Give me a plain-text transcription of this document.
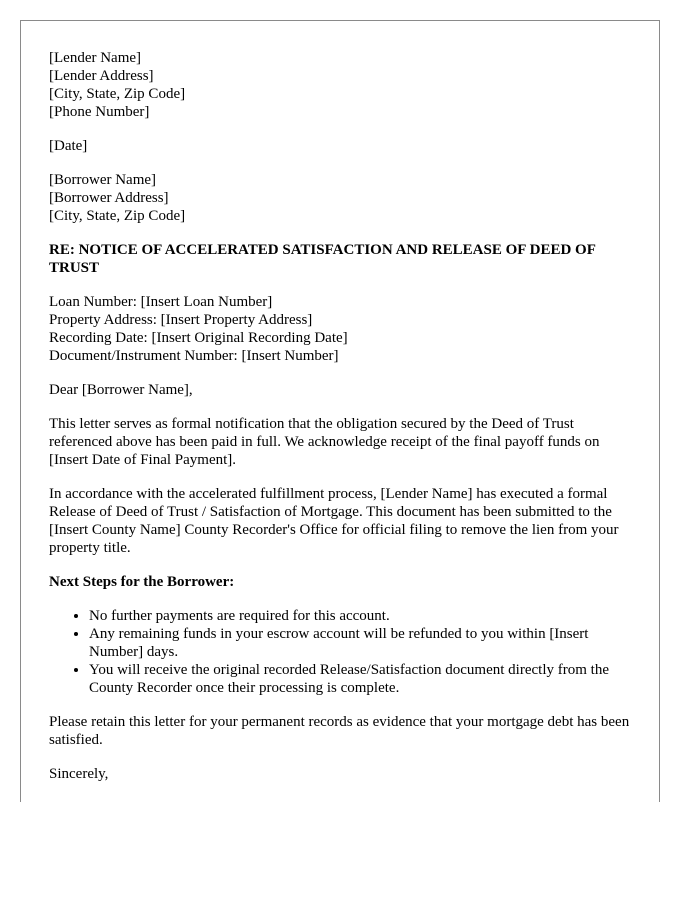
[Lender Name]
[Lender Address]
[City, State, Zip Code]
[Phone Number]
[Date]
[Borrower Name]
[Borrower Address]
[City, State, Zip Code]
RE: NOTICE OF ACCELERATED SATISFACTION AND RELEASE OF DEED OF TRUST
Loan Number: [Insert Loan Number]
Property Address: [Insert Property Address]
Recording Date: [Insert Original Recording Date]
Document/Instrument Number: [Insert Number]

Dear [Borrower Name],

This letter serves as formal notification that the obligation secured by the Deed of Trust referenced above has been paid in full. We acknowledge receipt of the final payoff funds on [Insert Date of Final Payment].

In accordance with the accelerated fulfillment process, [Lender Name] has executed a formal Release of Deed of Trust / Satisfaction of Mortgage. This document has been submitted to the [Insert County Name] County Recorder's Office for official filing to remove the lien from your property title.

Next Steps for the Borrower:
• No further payments are required for this account.
• Any remaining funds in your escrow account will be refunded to you within [Insert Number] days.
• You will receive the original recorded Release/Satisfaction document directly from the County Recorder once their processing is complete.

Please retain this letter for your permanent records as evidence that your mortgage debt has been satisfied.

Sincerely,
